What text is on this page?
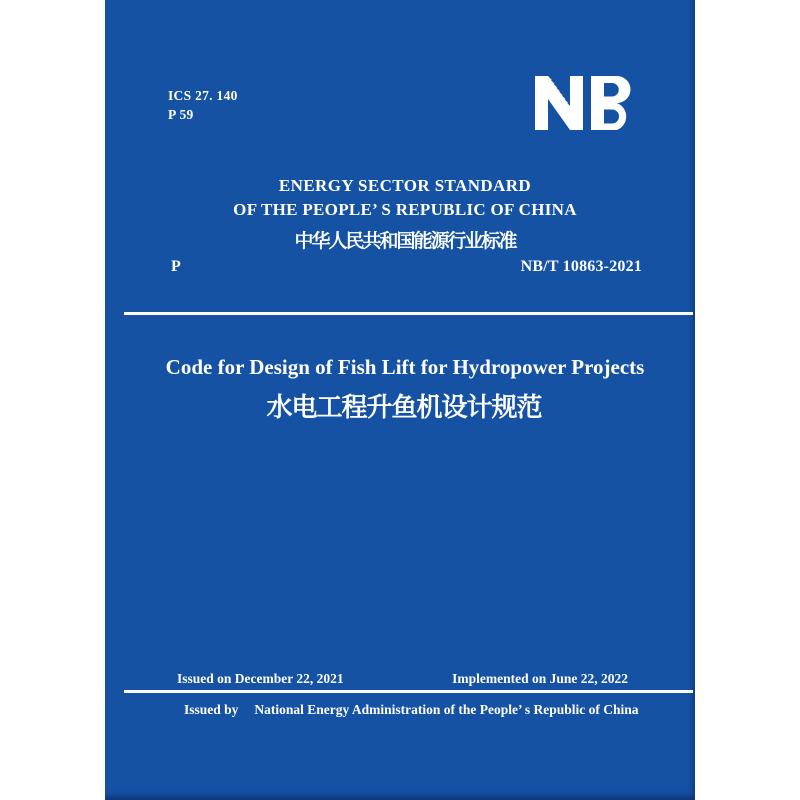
ICS 27. 140
P 59
ENERGY SECTOR STANDARD
OF THE PEOPLE’ S REPUBLIC OF CHINA
中华人民共和国能源行业标准
P	NB/T 10863-2021
Code for Design of Fish Lift for Hydropower Projects
水电工程升鱼机设计规范
Issued on December 22, 2021	Implemented on June 22, 2022
Issued by National Energy Administration of the People’ s Republic of China
